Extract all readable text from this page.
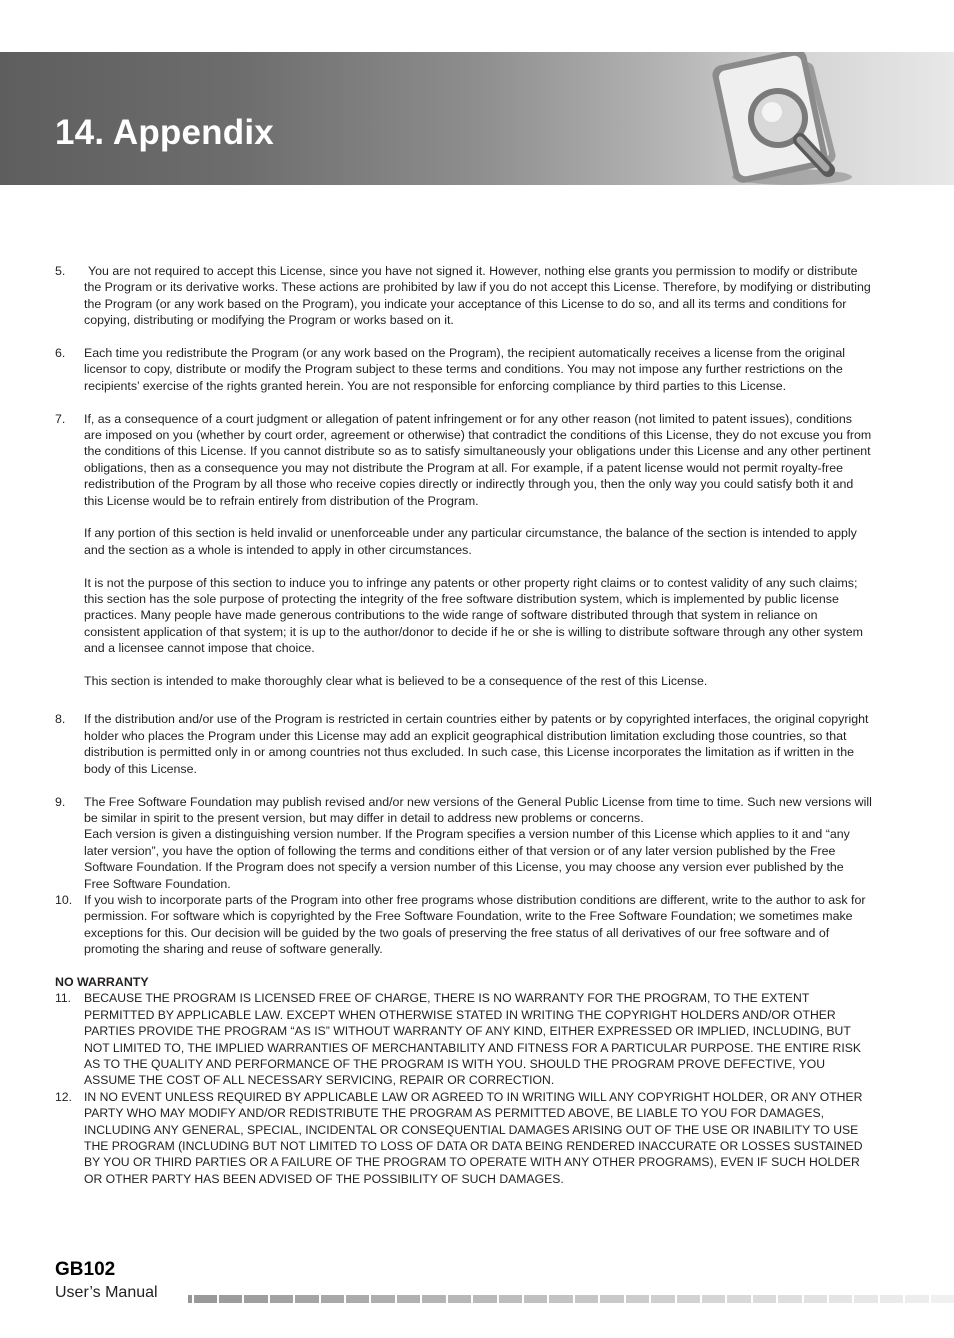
14. Appendix
5.	You are not required to accept this License, since you have not signed it. However, nothing else grants you permission to modify or distribute the Program or its derivative works. These actions are prohibited by law if you do not accept this License. Therefore, by modifying or distributing the Program (or any work based on the Program), you indicate your acceptance of this License to do so, and all its terms and conditions for copying, distributing or modifying the Program or works based on it.

6. Each time you redistribute the Program (or any work based on the Program), the recipient automatically receives a license from the original licensor to copy, distribute or modify the Program subject to these terms and conditions. You may not impose any further restrictions on the recipients’ exercise of the rights granted herein. You are not responsible for enforcing compliance by third parties to this License.

7. If, as a consequence of a court judgment or allegation of patent infringement or for any other reason (not limited to patent issues), conditions are imposed on you (whether by court order, agreement or otherwise) that contradict the conditions of this License, they do not excuse you from the conditions of this License. If you cannot distribute so as to satisfy simultaneously your obligations under this License and any other pertinent obligations, then as a consequence you may not distribute the Program at all. For example, if a patent license would not permit royalty-free redistribution of the Program by all those who receive copies directly or indirectly through you, then the only way you could satisfy both it and this License would be to refrain entirely from distribution of the Program.

If any portion of this section is held invalid or unenforceable under any particular circumstance, the balance of the section is intended to apply and the section as a whole is intended to apply in other circumstances.

It is not the purpose of this section to induce you to infringe any patents or other property right claims or to contest validity of any such claims; this section has the sole purpose of protecting the integrity of the free software distribution system, which is implemented by public license practices. Many people have made generous contributions to the wide range of software distributed through that system in reliance on consistent application of that system; it is up to the author/donor to decide if he or she is willing to distribute software through any other system and a licensee cannot impose that choice.

This section is intended to make thoroughly clear what is believed to be a consequence of the rest of this License.

8. If the distribution and/or use of the Program is restricted in certain countries either by patents or by copyrighted interfaces, the original copyright holder who places the Program under this License may add an explicit geographical distribution limitation excluding those countries, so that distribution is permitted only in or among countries not thus excluded. In such case, this License incorporates the limitation as if written in the body of this License.

9. The Free Software Foundation may publish revised and/or new versions of the General Public License from time to time. Such new versions will be similar in spirit to the present version, but may differ in detail to address new problems or concerns.

Each version is given a distinguishing version number. If the Program specifies a version number of this License which applies to it and “any later version”, you have the option of following the terms and conditions either of that version or of any later version published by the Free Software Foundation. If the Program does not specify a version number of this License, you may choose any version ever published by the Free Software Foundation.

10. If you wish to incorporate parts of the Program into other free programs whose distribution conditions are different, write to the author to ask for permission. For software which is copyrighted by the Free Software Foundation, write to the Free Software Foundation; we sometimes make exceptions for this. Our decision will be guided by the two goals of preserving the free status of all derivatives of our free software and of promoting the sharing and reuse of software generally.

NO WARRANTY
11. BECAUSE THE PROGRAM IS LICENSED FREE OF CHARGE, THERE IS NO WARRANTY FOR THE PROGRAM, TO THE EXTENT PERMITTED BY APPLICABLE LAW. EXCEPT WHEN OTHERWISE STATED IN WRITING THE COPYRIGHT HOLDERS AND/OR OTHER PARTIES PROVIDE THE PROGRAM “AS IS” WITHOUT WARRANTY OF ANY KIND, EITHER EXPRESSED OR IMPLIED, INCLUDING, BUT NOT LIMITED TO, THE IMPLIED WARRANTIES OF MERCHANTABILITY AND FITNESS FOR A PARTICULAR PURPOSE. THE ENTIRE RISK AS TO THE QUALITY AND PERFORMANCE OF THE PROGRAM IS WITH YOU. SHOULD THE PROGRAM PROVE DEFECTIVE, YOU ASSUME THE COST OF ALL NECESSARY SERVICING, REPAIR OR CORRECTION.

12. IN NO EVENT UNLESS REQUIRED BY APPLICABLE LAW OR AGREED TO IN WRITING WILL ANY COPYRIGHT HOLDER, OR ANY OTHER PARTY WHO MAY MODIFY AND/OR REDISTRIBUTE THE PROGRAM AS PERMITTED ABOVE, BE LIABLE TO YOU FOR DAMAGES, INCLUDING ANY GENERAL, SPECIAL, INCIDENTAL OR CONSEQUENTIAL DAMAGES ARISING OUT OF THE USE OR INABILITY TO USE THE PROGRAM (INCLUDING BUT NOT LIMITED TO LOSS OF DATA OR DATA BEING RENDERED INACCURATE OR LOSSES SUSTAINED BY YOU OR THIRD PARTIES OR A FAILURE OF THE PROGRAM TO OPERATE WITH ANY OTHER PROGRAMS), EVEN IF SUCH HOLDER OR OTHER PARTY HAS BEEN ADVISED OF THE POSSIBILITY OF SUCH DAMAGES.

GB102
User’s Manual
